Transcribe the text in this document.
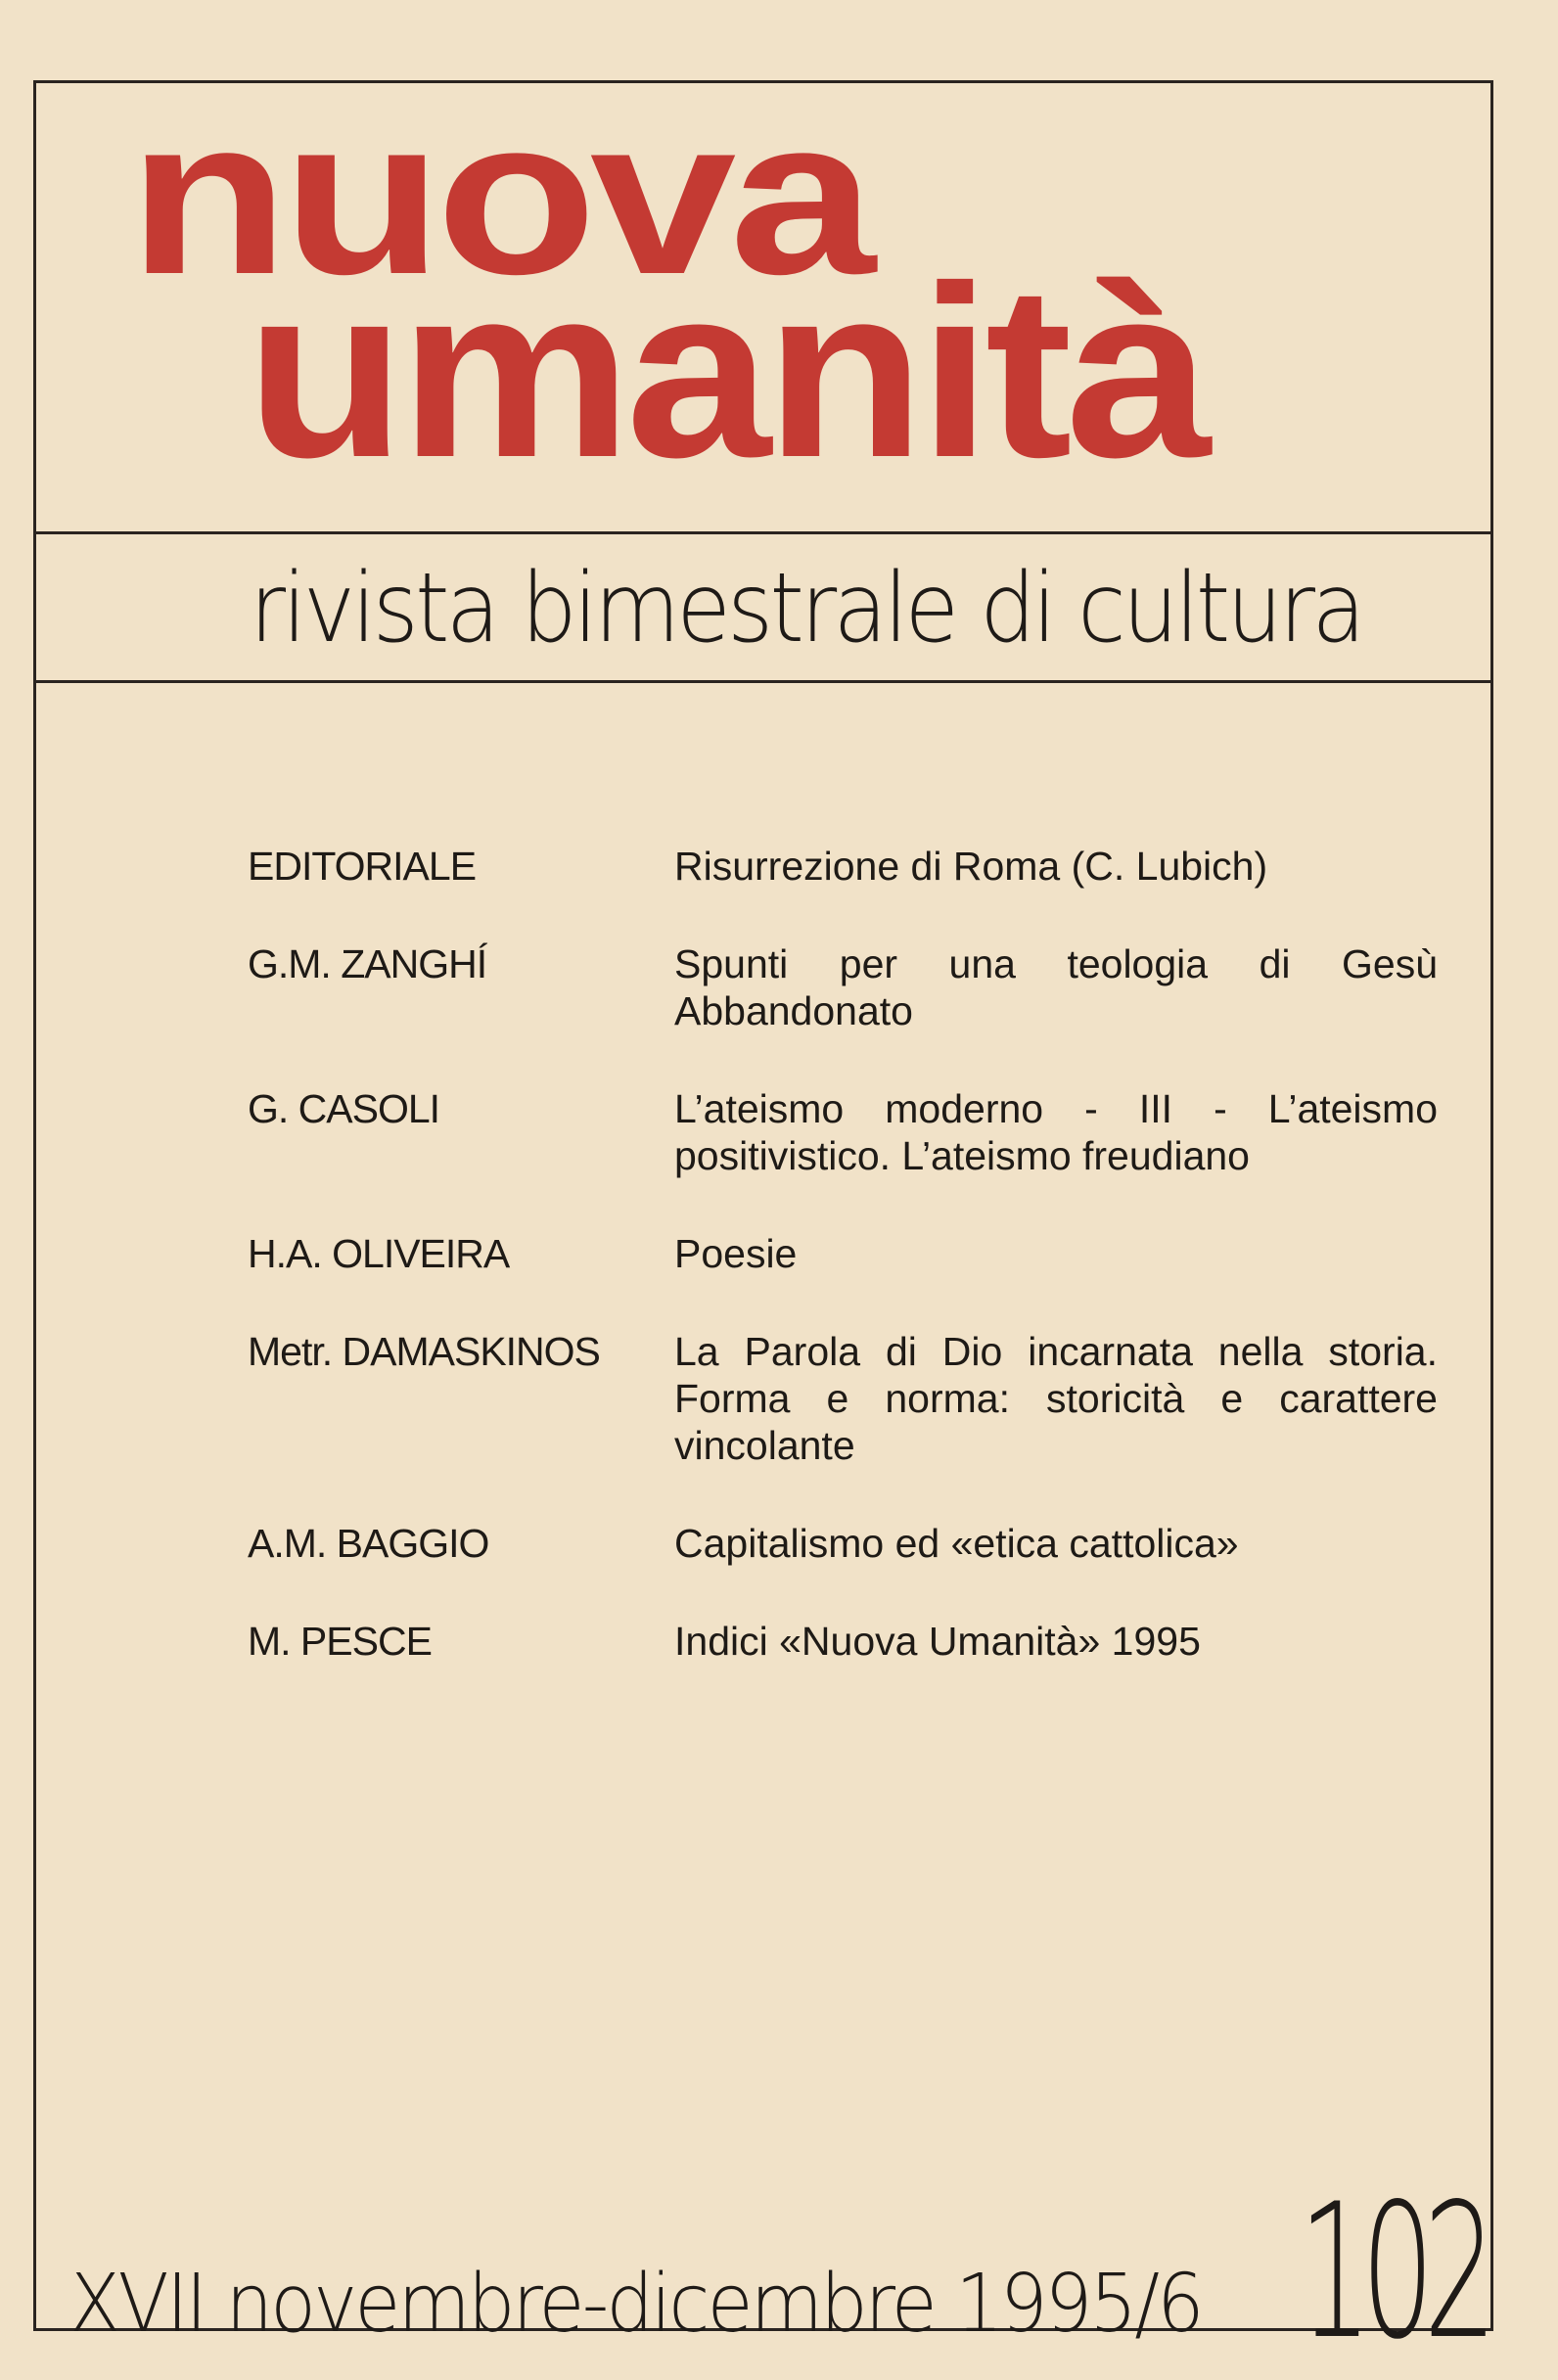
nuova
umanità
rivista bimestrale di cultura
EDITORIALE	Risurrezione di Roma (C. Lubich)
G.M. ZANGHÍ	Spunti per una teologia di Gesù Abbandonato
G. CASOLI	L’ateismo moderno - III - L’ateismo positivistico. L’ateismo freudiano
H.A. OLIVEIRA	Poesie
Metr. DAMASKINOS	La Parola di Dio incarnata nella storia. Forma e norma: storicità e carattere vincolante
A.M. BAGGIO	Capitalismo ed «etica cattolica»
M. PESCE	Indici «Nuova Umanità» 1995
XVII novembre-dicembre 1995/6 102
